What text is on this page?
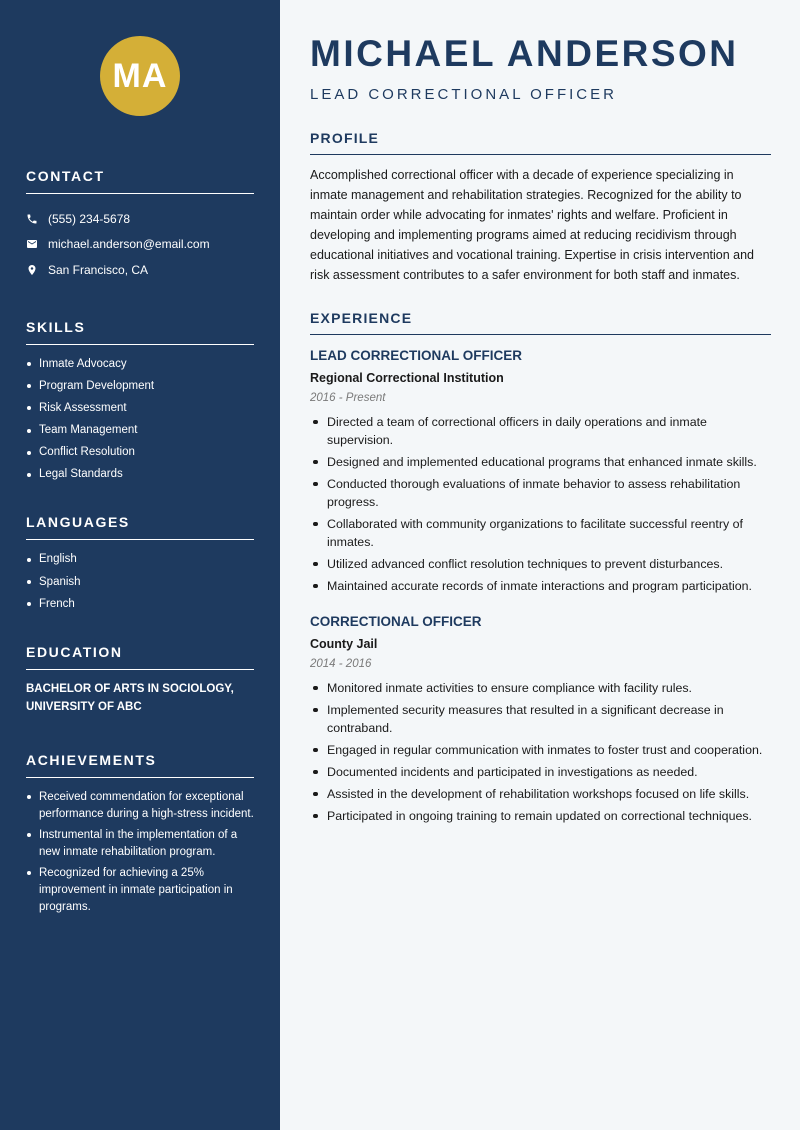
MA
CONTACT
(555) 234-5678
michael.anderson@email.com
San Francisco, CA
SKILLS
Inmate Advocacy
Program Development
Risk Assessment
Team Management
Conflict Resolution
Legal Standards
LANGUAGES
English
Spanish
French
EDUCATION
BACHELOR OF ARTS IN SOCIOLOGY, UNIVERSITY OF ABC
ACHIEVEMENTS
Received commendation for exceptional performance during a high-stress incident.
Instrumental in the implementation of a new inmate rehabilitation program.
Recognized for achieving a 25% improvement in inmate participation in programs.
MICHAEL ANDERSON
LEAD CORRECTIONAL OFFICER
PROFILE

Accomplished correctional officer with a decade of experience specializing in inmate management and rehabilitation strategies. Recognized for the ability to maintain order while advocating for inmates' rights and welfare. Proficient in developing and implementing programs aimed at reducing recidivism through educational initiatives and vocational training. Expertise in crisis intervention and risk assessment contributes to a safer environment for both staff and inmates.

EXPERIENCE
LEAD CORRECTIONAL OFFICER
Regional Correctional Institution
2016 - Present
Directed a team of correctional officers in daily operations and inmate supervision.
Designed and implemented educational programs that enhanced inmate skills.
Conducted thorough evaluations of inmate behavior to assess rehabilitation progress.
Collaborated with community organizations to facilitate successful reentry of inmates.
Utilized advanced conflict resolution techniques to prevent disturbances.
Maintained accurate records of inmate interactions and program participation.
CORRECTIONAL OFFICER
County Jail
2014 - 2016
Monitored inmate activities to ensure compliance with facility rules.
Implemented security measures that resulted in a significant decrease in contraband.
Engaged in regular communication with inmates to foster trust and cooperation.
Documented incidents and participated in investigations as needed.
Assisted in the development of rehabilitation workshops focused on life skills.
Participated in ongoing training to remain updated on correctional techniques.
